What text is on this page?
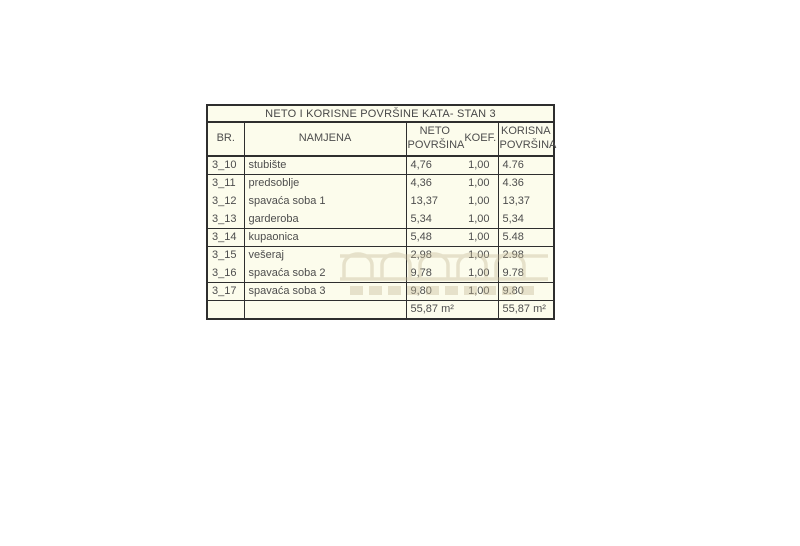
NETO I KORISNE POVRŠINE KATA- STAN 3				
BR.	NAMJENA	NETO POVRŠINA	KOEF.	KORISNA POVRŠINA
3_10	stubište	4,76	1,00	4.76
3_11	predsoblje	4,36	1,00	4.36
3_12	spavaća soba 1	13,37	1,00	13,37
3_13	garderoba	5,34	1,00	5,34
3_14	kupaonica	5,48	1,00	5.48
3_15	vešeraj	2,98	1,00	2.98
3_16	spavaća soba 2	9,78	1,00	9.78
3_17	spavaća soba 3	9,80	1,00	9.80
		55,87 m²		55,87 m²
